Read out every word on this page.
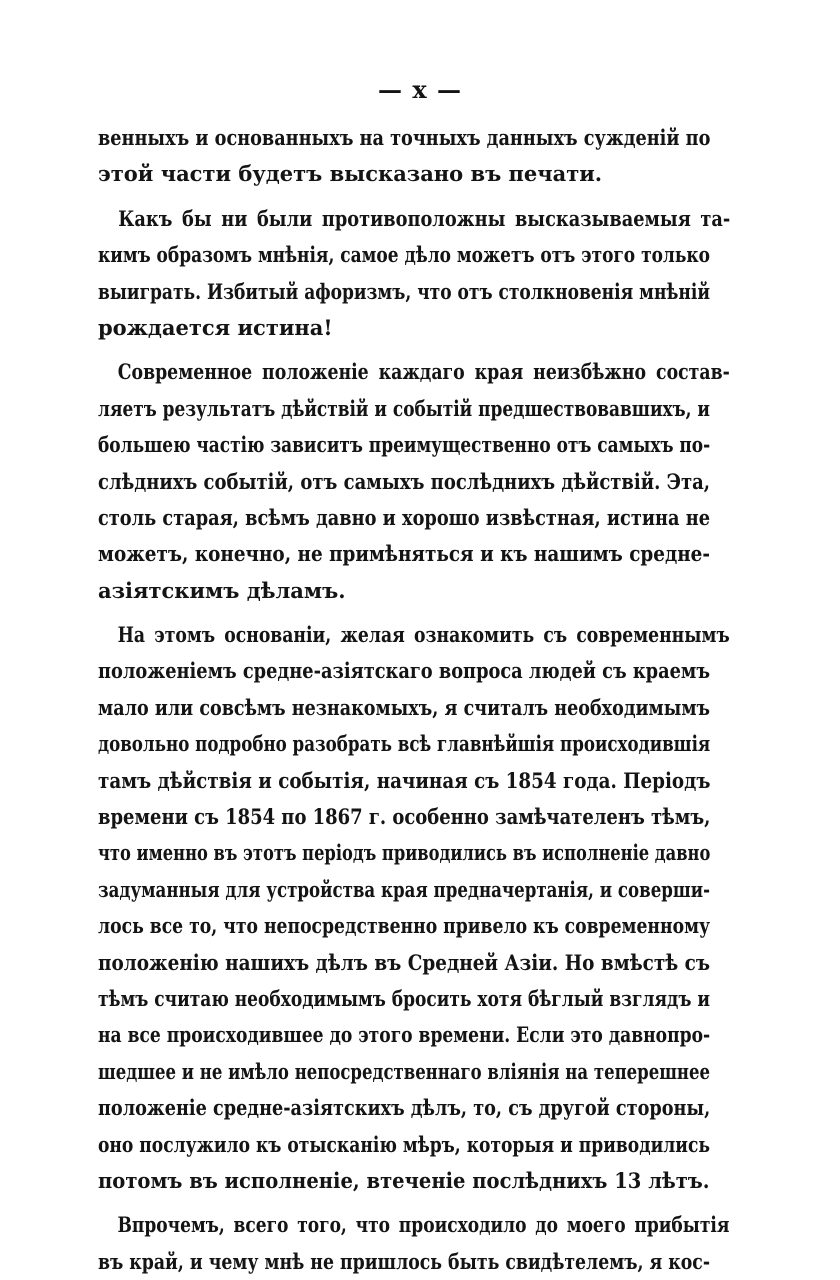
— x —
венныхъ и основанныхъ на точныхъ данныхъ сужденій по
этой части будетъ высказано въ печати.
Какъ бы ни были противоположны высказываемыя та-
кимъ образомъ мнѣнія, самое дѣло можетъ отъ этого только
выиграть. Избитый афоризмъ, что отъ столкновенія мнѣній
рождается истина!
Современное положеніе каждаго края неизбѣжно состав-
ляетъ результатъ дѣйствій и событій предшествовавшихъ, и
большею частію зависитъ преимущественно отъ самыхъ по-
слѣднихъ событій, отъ самыхъ послѣднихъ дѣйствій. Эта,
столь старая, всѣмъ давно и хорошо извѣстная, истина не
можетъ, конечно, не примѣняться и къ нашимъ средне-
азіятскимъ дѣламъ.
На этомъ основаніи, желая ознакомить съ современнымъ
положеніемъ средне-азіятскаго вопроса людей съ краемъ
мало или совсѣмъ незнакомыхъ, я считалъ необходимымъ
довольно подробно разобрать всѣ главнѣйшія происходившія
тамъ дѣйствія и событія, начиная съ 1854 года. Періодъ
времени съ 1854 по 1867 г. особенно замѣчателенъ тѣмъ,
что именно въ этотъ періодъ приводились въ исполненіе давно
задуманныя для устройства края предначертанія, и соверши-
лось все то, что непосредственно привело къ современному
положенію нашихъ дѣлъ въ Средней Азіи. Но вмѣстѣ съ
тѣмъ считаю необходимымъ бросить хотя бѣглый взглядъ и
на все происходившее до этого времени. Если это давнопро-
шедшее и не имѣло непосредственнаго вліянія на теперешнее
положеніе средне-азіятскихъ дѣлъ, то, съ другой стороны,
оно послужило къ отысканію мѣръ, которыя и приводились
потомъ въ исполненіе, втеченіе послѣднихъ 13 лѣтъ.
Впрочемъ, всего того, что происходило до моего прибытія
въ край, и чему мнѣ не пришлось быть свидѣтелемъ, я кос-
